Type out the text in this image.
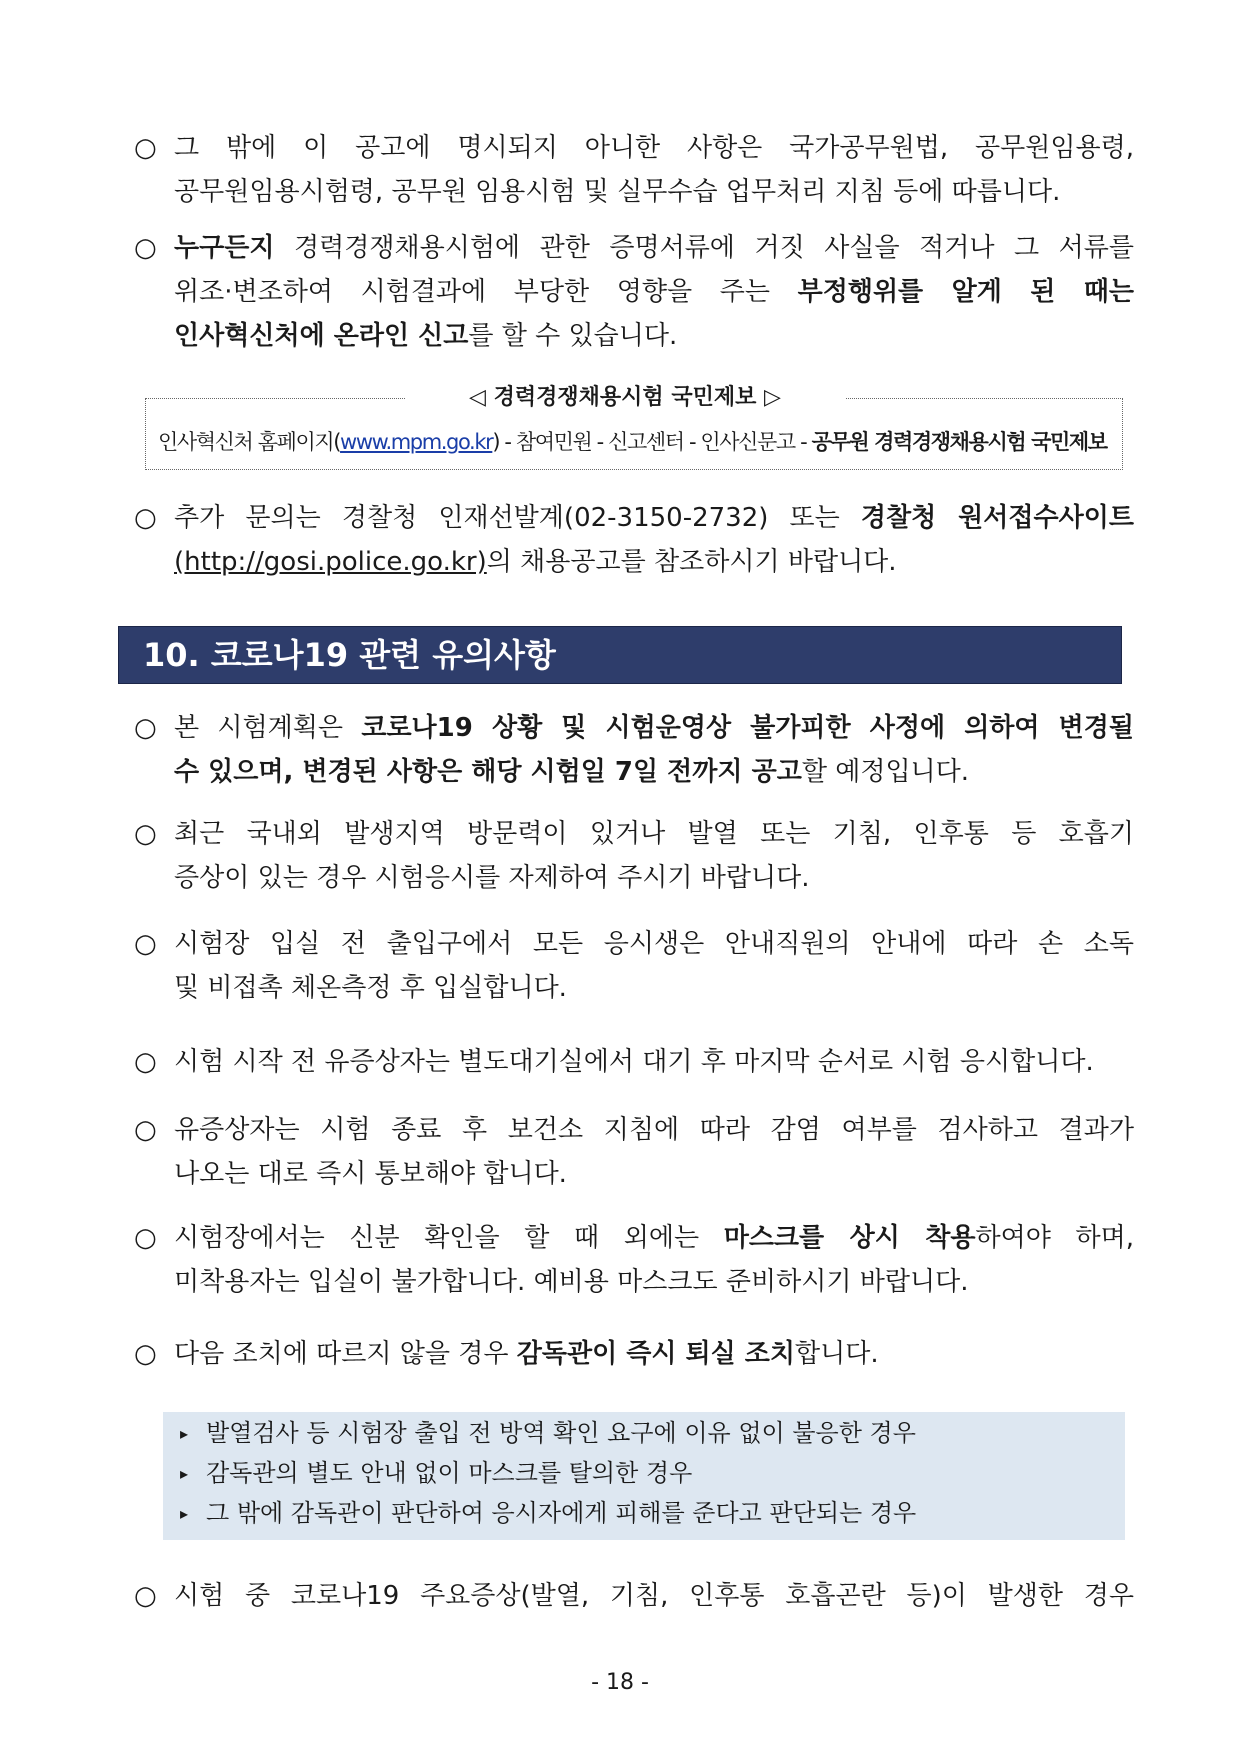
○ 그 밖에 이 공고에 명시되지 아니한 사항은 국가공무원법, 공무원임용령,
공무원임용시험령, 공무원 임용시험 및 실무수습 업무처리 지침 등에 따릅니다.
○ 누구든지 경력경쟁채용시험에 관한 증명서류에 거짓 사실을 적거나 그 서류를
위조·변조하여 시험결과에 부당한 영향을 주는 부정행위를 알게 된 때는
인사혁신처에 온라인 신고를 할 수 있습니다.
◁ 경력경쟁채용시험 국민제보 ▷
인사혁신처 홈페이지(www.mpm.go.kr) - 참여민원 - 신고센터 - 인사신문고 - 공무원 경력경쟁채용시험 국민제보
○ 추가 문의는 경찰청 인재선발계(02-3150-2732) 또는 경찰청 원서접수사이트
(http://gosi.police.go.kr)의 채용공고를 참조하시기 바랍니다.
10. 코로나19 관련 유의사항
○ 본 시험계획은 코로나19 상황 및 시험운영상 불가피한 사정에 의하여 변경될
수 있으며, 변경된 사항은 해당 시험일 7일 전까지 공고할 예정입니다.
○ 최근 국내외 발생지역 방문력이 있거나 발열 또는 기침, 인후통 등 호흡기
증상이 있는 경우 시험응시를 자제하여 주시기 바랍니다.
○ 시험장 입실 전 출입구에서 모든 응시생은 안내직원의 안내에 따라 손 소독
및 비접촉 체온측정 후 입실합니다.
○ 시험 시작 전 유증상자는 별도대기실에서 대기 후 마지막 순서로 시험 응시합니다.
○ 유증상자는 시험 종료 후 보건소 지침에 따라 감염 여부를 검사하고 결과가
나오는 대로 즉시 통보해야 합니다.
○ 시험장에서는 신분 확인을 할 때 외에는 마스크를 상시 착용하여야 하며,
미착용자는 입실이 불가합니다. 예비용 마스크도 준비하시기 바랍니다.
○ 다음 조치에 따르지 않을 경우 감독관이 즉시 퇴실 조치합니다.
▸ 발열검사 등 시험장 출입 전 방역 확인 요구에 이유 없이 불응한 경우
▸ 감독관의 별도 안내 없이 마스크를 탈의한 경우
▸ 그 밖에 감독관이 판단하여 응시자에게 피해를 준다고 판단되는 경우
○ 시험 중 코로나19 주요증상(발열, 기침, 인후통 호흡곤란 등)이 발생한 경우
- 18 -
